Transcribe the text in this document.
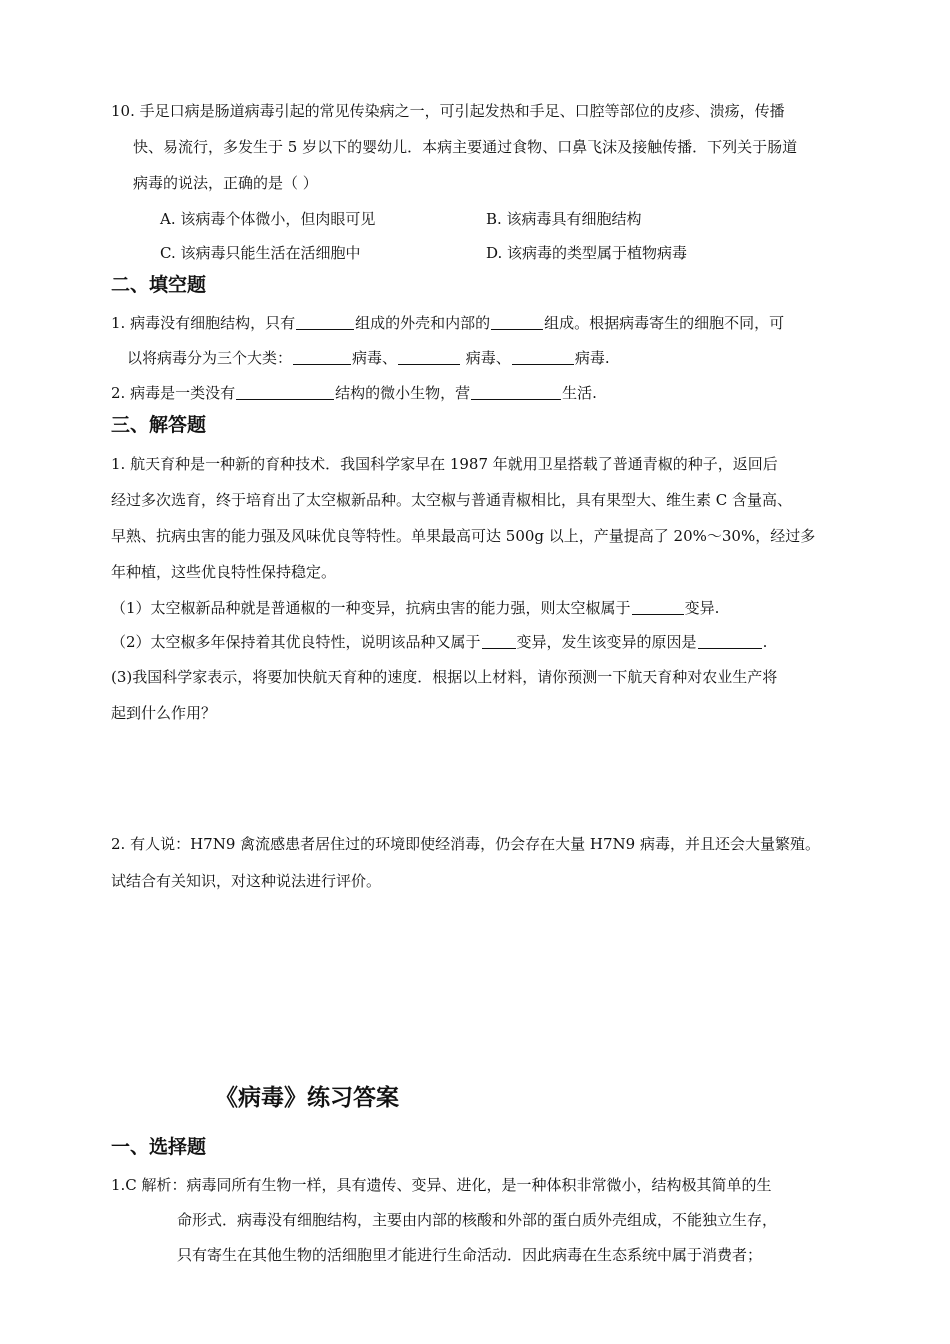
10. 手足口病是肠道病毒引起的常见传染病之一，可引起发热和手足、口腔等部位的皮疹、溃疡，传播
快、易流行，多发生于 5 岁以下的婴幼儿．本病主要通过食物、口鼻飞沫及接触传播．下列关于肠道
病毒的说法，正确的是（ ）
A. 该病毒个体微小，但肉眼可见	B. 该病毒具有细胞结构
C. 该病毒只能生活在活细胞中	D. 该病毒的类型属于植物病毒
二、填空题
1. 病毒没有细胞结构，只有	组成的外壳和内部的	组成。根据病毒寄生的细胞不同，可
以将病毒分为三个大类：	病毒、	病毒、	病毒.
2. 病毒是一类没有	结构的微小生物，营	生活.
三、解答题
1. 航天育种是一种新的育种技术．我国科学家早在 1987 年就用卫星搭载了普通青椒的种子，返回后
经过多次选育，终于培育出了太空椒新品种。太空椒与普通青椒相比，具有果型大、维生素 C 含量高、
早熟、抗病虫害的能力强及风味优良等特性。单果最高可达 500g 以上，产量提高了 20%～30%，经过多
年种植，这些优良特性保持稳定。
（1）太空椒新品种就是普通椒的一种变异，抗病虫害的能力强，则太空椒属于	变异.
（2）太空椒多年保持着其优良特性，说明该品种又属于 变异，发生该变异的原因是	.
(3)我国科学家表示，将要加快航天育种的速度．根据以上材料，请你预测一下航天育种对农业生产将
起到什么作用？
2. 有人说：H7N9 禽流感患者居住过的环境即使经消毒，仍会存在大量 H7N9 病毒，并且还会大量繁殖。
试结合有关知识，对这种说法进行评价。
《病毒》练习答案
一、选择题
1.C 解析：病毒同所有生物一样，具有遗传、变异、进化，是一种体积非常微小，结构极其简单的生
命形式．病毒没有细胞结构，主要由内部的核酸和外部的蛋白质外壳组成，不能独立生存，
只有寄生在其他生物的活细胞里才能进行生命活动．因此病毒在生态系统中属于消费者；
